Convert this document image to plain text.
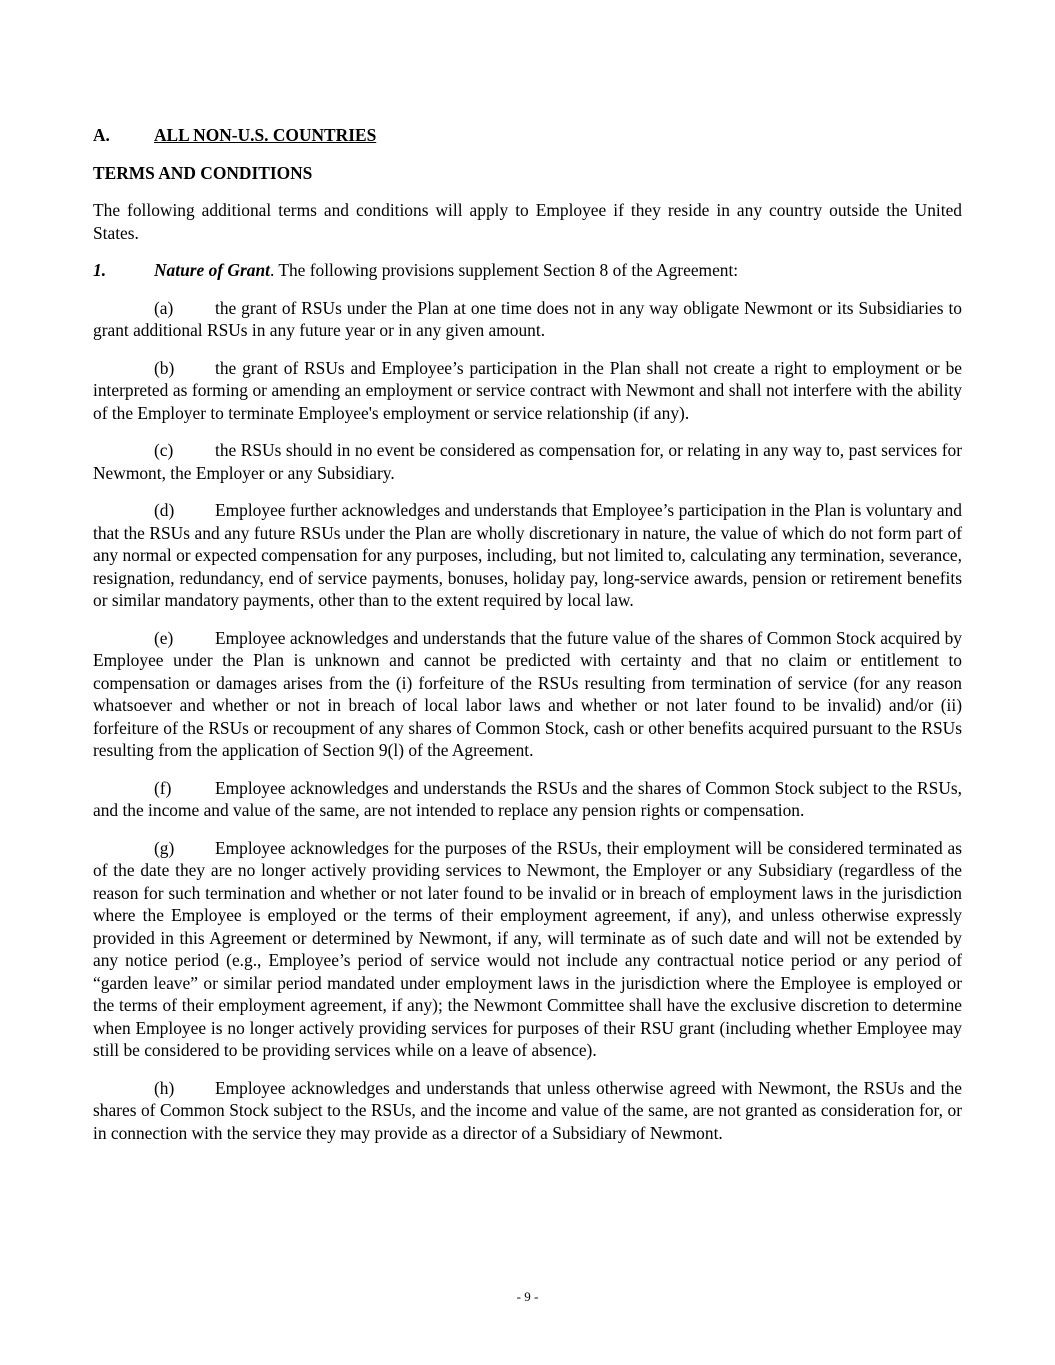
A.	ALL NON-U.S. COUNTRIES

TERMS AND CONDITIONS

The following additional terms and conditions will apply to Employee if they reside in any country outside the United States.

1.	Nature of Grant. The following provisions supplement Section 8 of the Agreement:

(a) the grant of RSUs under the Plan at one time does not in any way obligate Newmont or its Subsidiaries to grant additional RSUs in any future year or in any given amount.

(b) the grant of RSUs and Employee’s participation in the Plan shall not create a right to employment or be interpreted as forming or amending an employment or service contract with Newmont and shall not interfere with the ability of the Employer to terminate Employee's employment or service relationship (if any).

(c) the RSUs should in no event be considered as compensation for, or relating in any way to, past services for Newmont, the Employer or any Subsidiary.

(d) Employee further acknowledges and understands that Employee’s participation in the Plan is voluntary and that the RSUs and any future RSUs under the Plan are wholly discretionary in nature, the value of which do not form part of any normal or expected compensation for any purposes, including, but not limited to, calculating any termination, severance, resignation, redundancy, end of service payments, bonuses, holiday pay, long-service awards, pension or retirement benefits or similar mandatory payments, other than to the extent required by local law.

(e) Employee acknowledges and understands that the future value of the shares of Common Stock acquired by Employee under the Plan is unknown and cannot be predicted with certainty and that no claim or entitlement to compensation or damages arises from the (i) forfeiture of the RSUs resulting from termination of service (for any reason whatsoever and whether or not in breach of local labor laws and whether or not later found to be invalid) and/or (ii) forfeiture of the RSUs or recoupment of any shares of Common Stock, cash or other benefits acquired pursuant to the RSUs resulting from the application of Section 9(l) of the Agreement.

(f)	Employee acknowledges and understands the RSUs and the shares of Common Stock subject to the RSUs, and the income and value of the same, are not intended to replace any pension rights or compensation.

(g) Employee acknowledges for the purposes of the RSUs, their employment will be considered terminated as of the date they are no longer actively providing services to Newmont, the Employer or any Subsidiary (regardless of the reason for such termination and whether or not later found to be invalid or in breach of employment laws in the jurisdiction where the Employee is employed or the terms of their employment agreement, if any), and unless otherwise expressly provided in this Agreement or determined by Newmont, if any, will terminate as of such date and will not be extended by any notice period (e.g., Employee’s period of service would not include any contractual notice period or any period of “garden leave” or similar period mandated under employment laws in the jurisdiction where the Employee is employed or the terms of their employment agreement, if any); the Newmont Committee shall have the exclusive discretion to determine when Employee is no longer actively providing services for purposes of their RSU grant (including whether Employee may still be considered to be providing services while on a leave of absence).

(h) Employee acknowledges and understands that unless otherwise agreed with Newmont, the RSUs and the shares of Common Stock subject to the RSUs, and the income and value of the same, are not granted as consideration for, or in connection with the service they may provide as a director of a Subsidiary of Newmont.

- 9 -
